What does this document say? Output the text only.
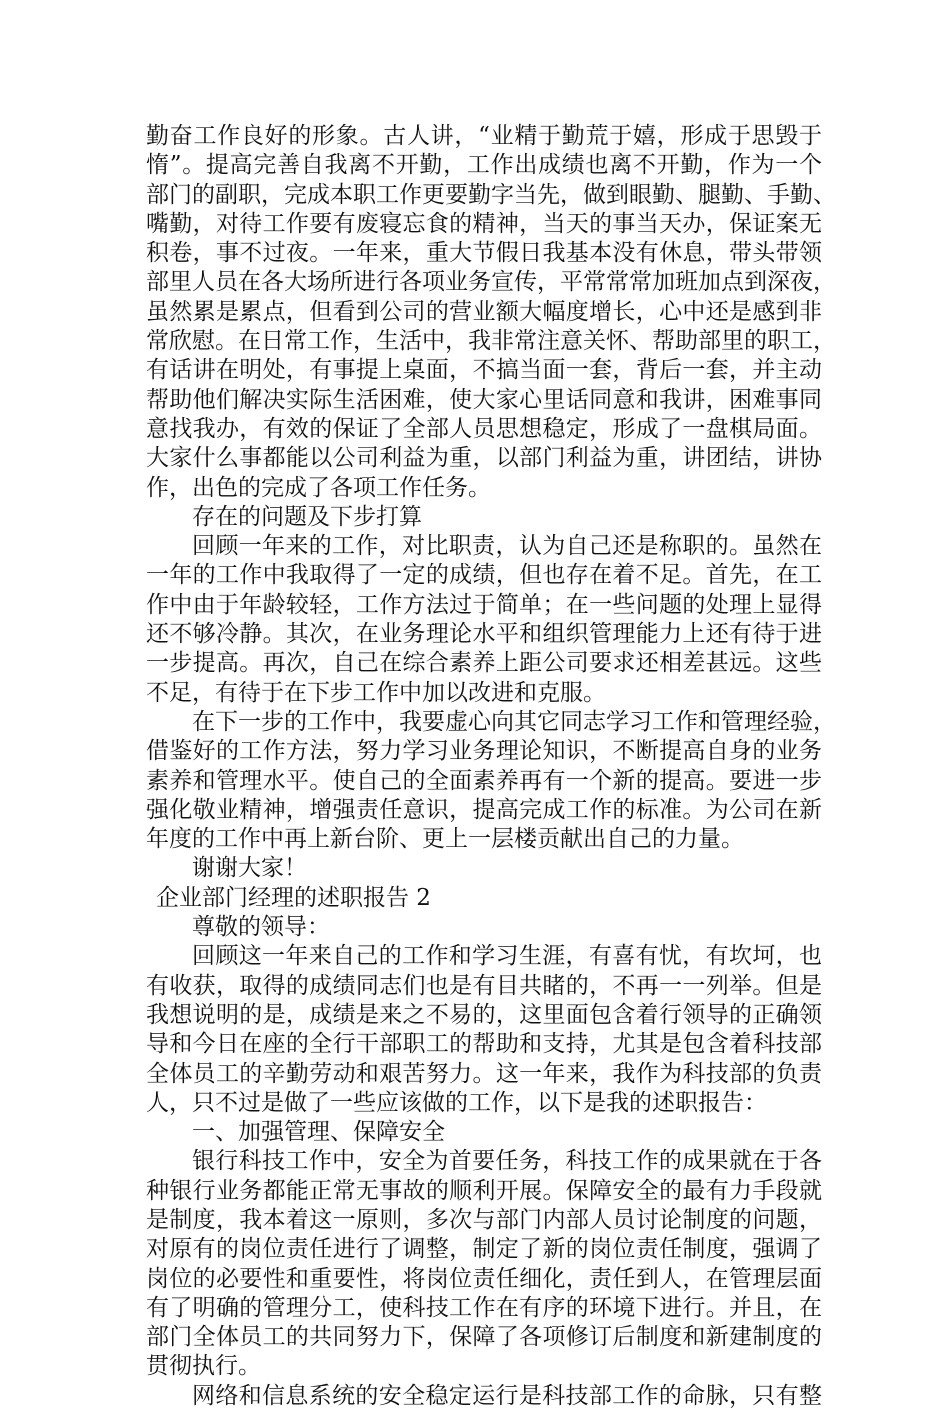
勤奋工作良好的形象。古人讲，“业精于勤荒于嬉，形成于思毁于
惰”。提高完善自我离不开勤，工作出成绩也离不开勤，作为一个
部门的副职，完成本职工作更要勤字当先，做到眼勤、腿勤、手勤、
嘴勤，对待工作要有废寝忘食的精神，当天的事当天办，保证案无
积卷，事不过夜。一年来，重大节假日我基本没有休息，带头带领
部里人员在各大场所进行各项业务宣传，平常常常加班加点到深夜，
虽然累是累点，但看到公司的营业额大幅度增长，心中还是感到非
常欣慰。在日常工作，生活中，我非常注意关怀、帮助部里的职工，
有话讲在明处，有事提上桌面，不搞当面一套，背后一套，并主动
帮助他们解决实际生活困难，使大家心里话同意和我讲，困难事同
意找我办，有效的保证了全部人员思想稳定，形成了一盘棋局面。
大家什么事都能以公司利益为重，以部门利益为重，讲团结，讲协
作，出色的完成了各项工作任务。
存在的问题及下步打算
回顾一年来的工作，对比职责，认为自己还是称职的。虽然在
一年的工作中我取得了一定的成绩，但也存在着不足。首先，在工
作中由于年龄较轻，工作方法过于简单；在一些问题的处理上显得
还不够冷静。其次，在业务理论水平和组织管理能力上还有待于进
一步提高。再次，自己在综合素养上距公司要求还相差甚远。这些
不足，有待于在下步工作中加以改进和克服。
在下一步的工作中，我要虚心向其它同志学习工作和管理经验，
借鉴好的工作方法，努力学习业务理论知识，不断提高自身的业务
素养和管理水平。使自己的全面素养再有一个新的提高。要进一步
强化敬业精神，增强责任意识，提高完成工作的标准。为公司在新
年度的工作中再上新台阶、更上一层楼贡献出自己的力量。
谢谢大家！
企业部门经理的述职报告 2
尊敬的领导：
回顾这一年来自己的工作和学习生涯，有喜有忧，有坎坷，也
有收获，取得的成绩同志们也是有目共睹的，不再一一列举。但是
我想说明的是，成绩是来之不易的，这里面包含着行领导的正确领
导和今日在座的全行干部职工的帮助和支持，尤其是包含着科技部
全体员工的辛勤劳动和艰苦努力。这一年来，我作为科技部的负责
人，只不过是做了一些应该做的工作，以下是我的述职报告：
一、加强管理、保障安全
银行科技工作中，安全为首要任务，科技工作的成果就在于各
种银行业务都能正常无事故的顺利开展。保障安全的最有力手段就
是制度，我本着这一原则，多次与部门内部人员讨论制度的问题，
对原有的岗位责任进行了调整，制定了新的岗位责任制度，强调了
岗位的必要性和重要性，将岗位责任细化，责任到人，在管理层面
有了明确的管理分工，使科技工作在有序的环境下进行。并且，在
部门全体员工的共同努力下，保障了各项修订后制度和新建制度的
贯彻执行。
网络和信息系统的安全稳定运行是科技部工作的命脉，只有整
